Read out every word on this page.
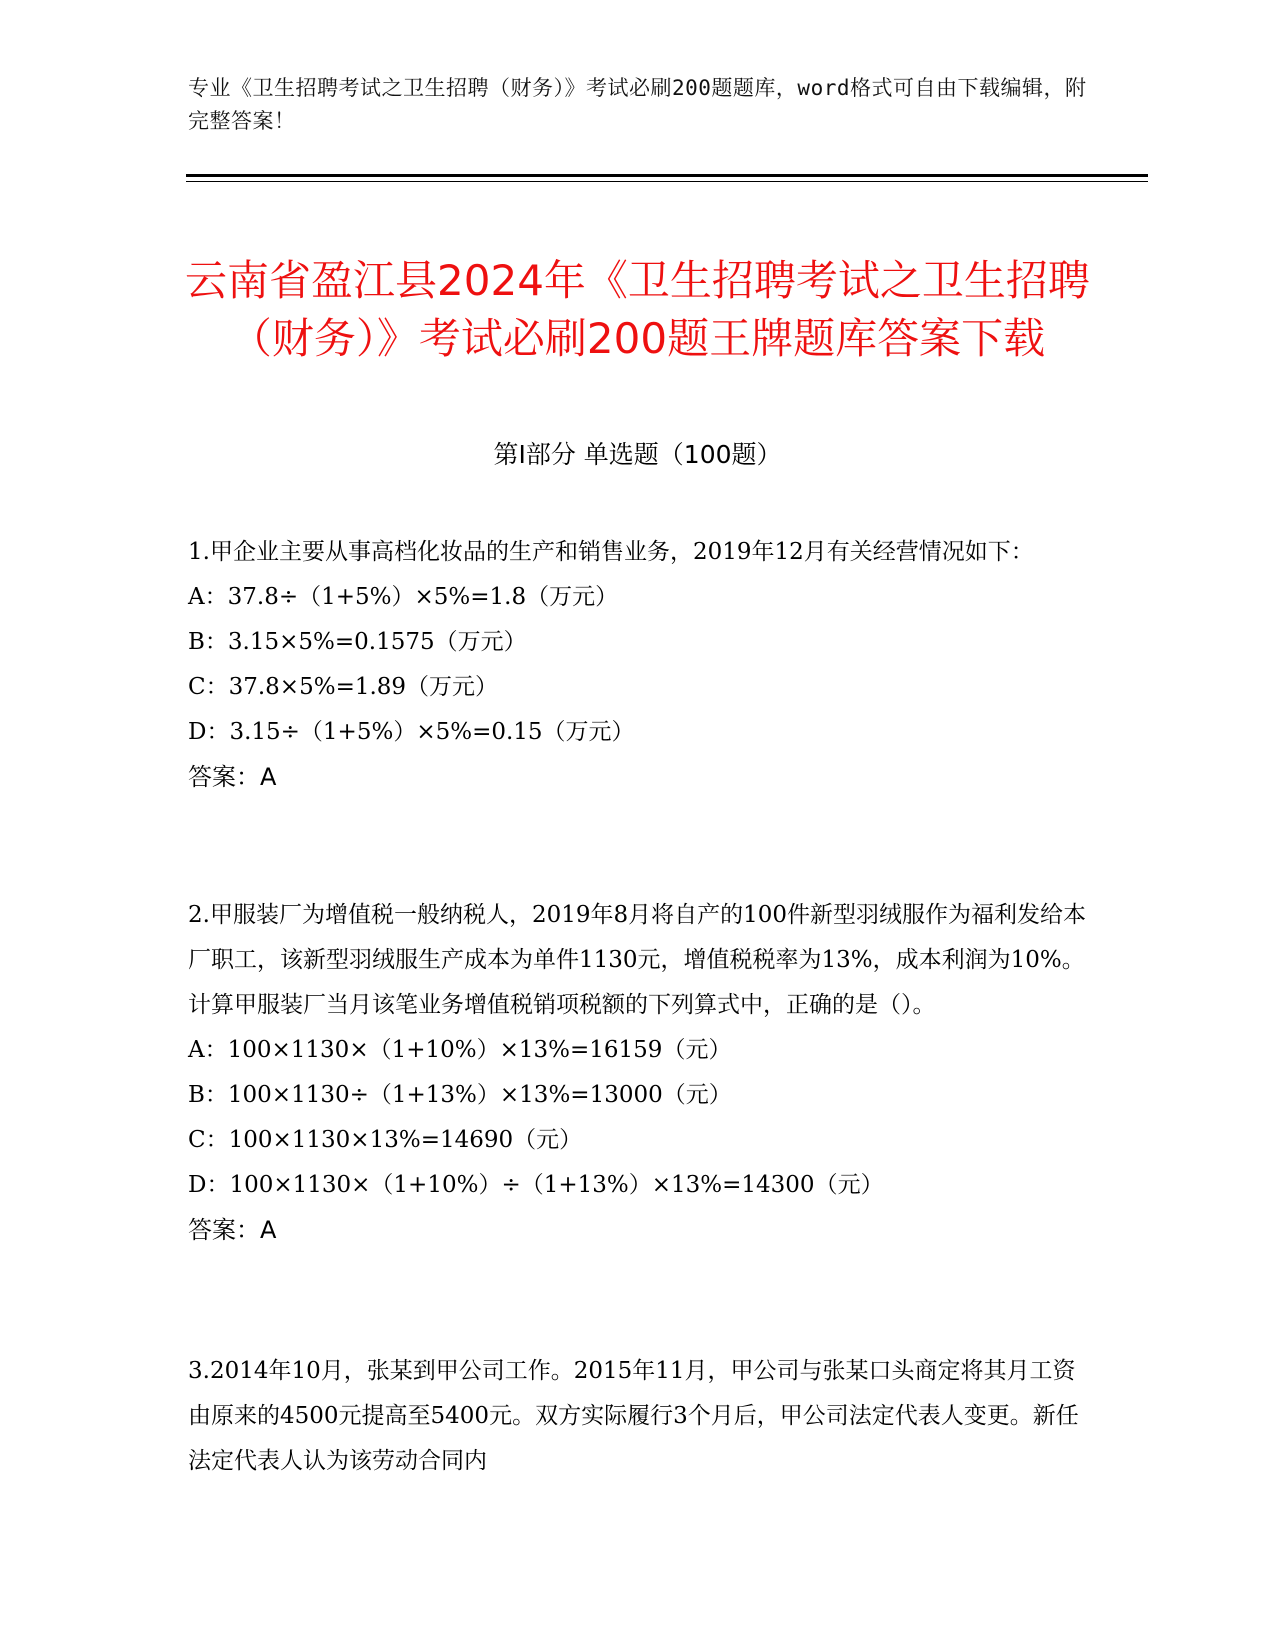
专业《卫生招聘考试之卫生招聘（财务）》考试必刷200题题库，word格式可自由下载编辑，附完整答案！
云南省盈江县2024年《卫生招聘考试之卫生招聘（财务）》考试必刷200题王牌题库答案下载
第Ⅰ部分 单选题（100题）

1.甲企业主要从事高档化妆品的生产和销售业务，2019年12月有关经营情况如下：

A：37.8÷（1+5%）×5%=1.8（万元）

B：3.15×5%=0.1575（万元）

C：37.8×5%=1.89（万元）

D：3.15÷（1+5%）×5%=0.15（万元）

答案：A

2.甲服装厂为增值税一般纳税人，2019年8月将自产的100件新型羽绒服作为福利发给本厂职工，该新型羽绒服生产成本为单件1130元，增值税税率为13%，成本利润为10%。计算甲服装厂当月该笔业务增值税销项税额的下列算式中，正确的是（）。

A：100×1130×（1+10%）×13%=16159（元）

B：100×1130÷（1+13%）×13%=13000（元）

C：100×1130×13%=14690（元）

D：100×1130×（1+10%）÷（1+13%）×13%=14300（元）

答案：A

3.2014年10月，张某到甲公司工作。2015年11月，甲公司与张某口头商定将其月工资由原来的4500元提高至5400元。双方实际履行3个月后，甲公司法定代表人变更。新任法定代表人认为该劳动合同内
